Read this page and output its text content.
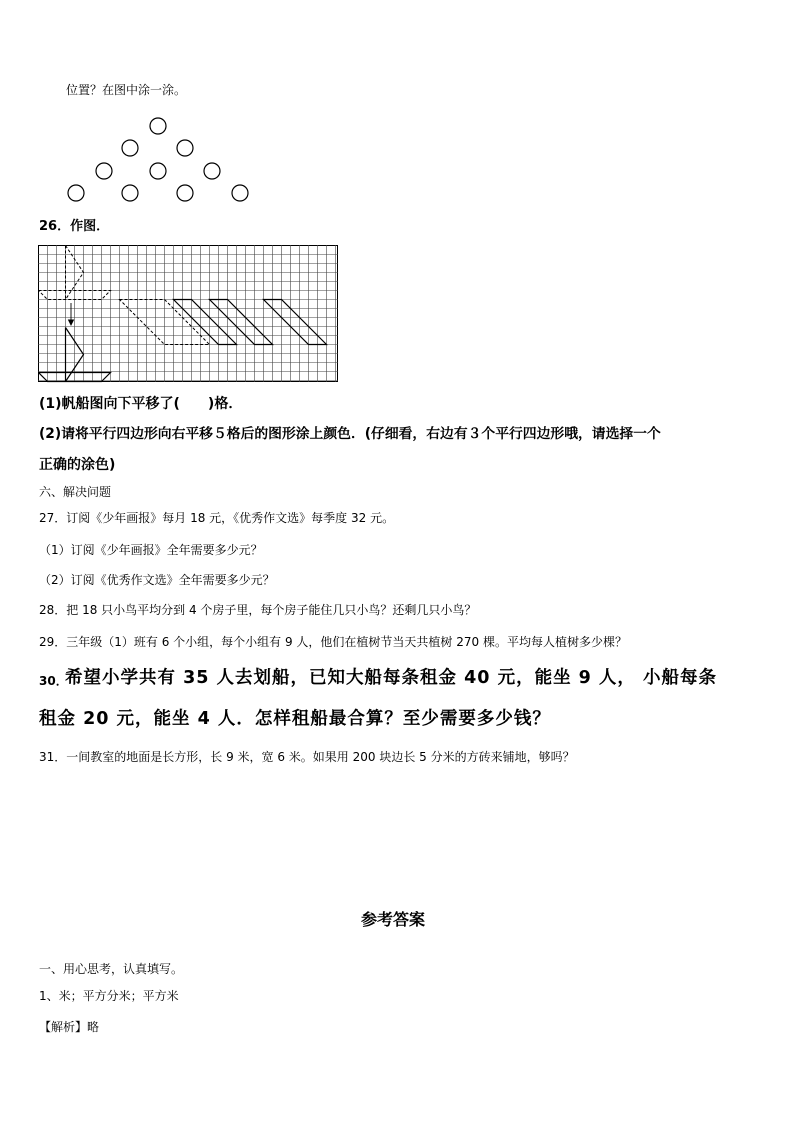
位置？在图中涂一涂。
26．作图．
(1)帆船图向下平移了(　　)格．
(2)请将平行四边形向右平移５格后的图形涂上颜色．(仔细看，右边有３个平行四边形哦，请选择一个
正确的涂色)
六、解决问题
27．订阅《少年画报》每月 18 元，《优秀作文选》每季度 32 元。
（1）订阅《少年画报》全年需要多少元？
（2）订阅《优秀作文选》全年需要多少元？
28．把 18 只小鸟平均分到 4 个房子里，每个房子能住几只小鸟？还剩几只小鸟？
29．三年级（1）班有 6 个小组，每个小组有 9 人，他们在植树节当天共植树 270 棵。平均每人植树多少棵？
30．
希望小学共有 35 人去划船，已知大船每条租金 40 元，能坐 9 人， 小船每条
租金 20 元，能坐 4 人．怎样租船最合算？至少需要多少钱？
31．一间教室的地面是长方形，长 9 米，宽 6 米。如果用 200 块边长 5 分米的方砖来铺地，够吗？
参考答案
一、用心思考，认真填写。
1、米；平方分米；平方米
【解析】略
